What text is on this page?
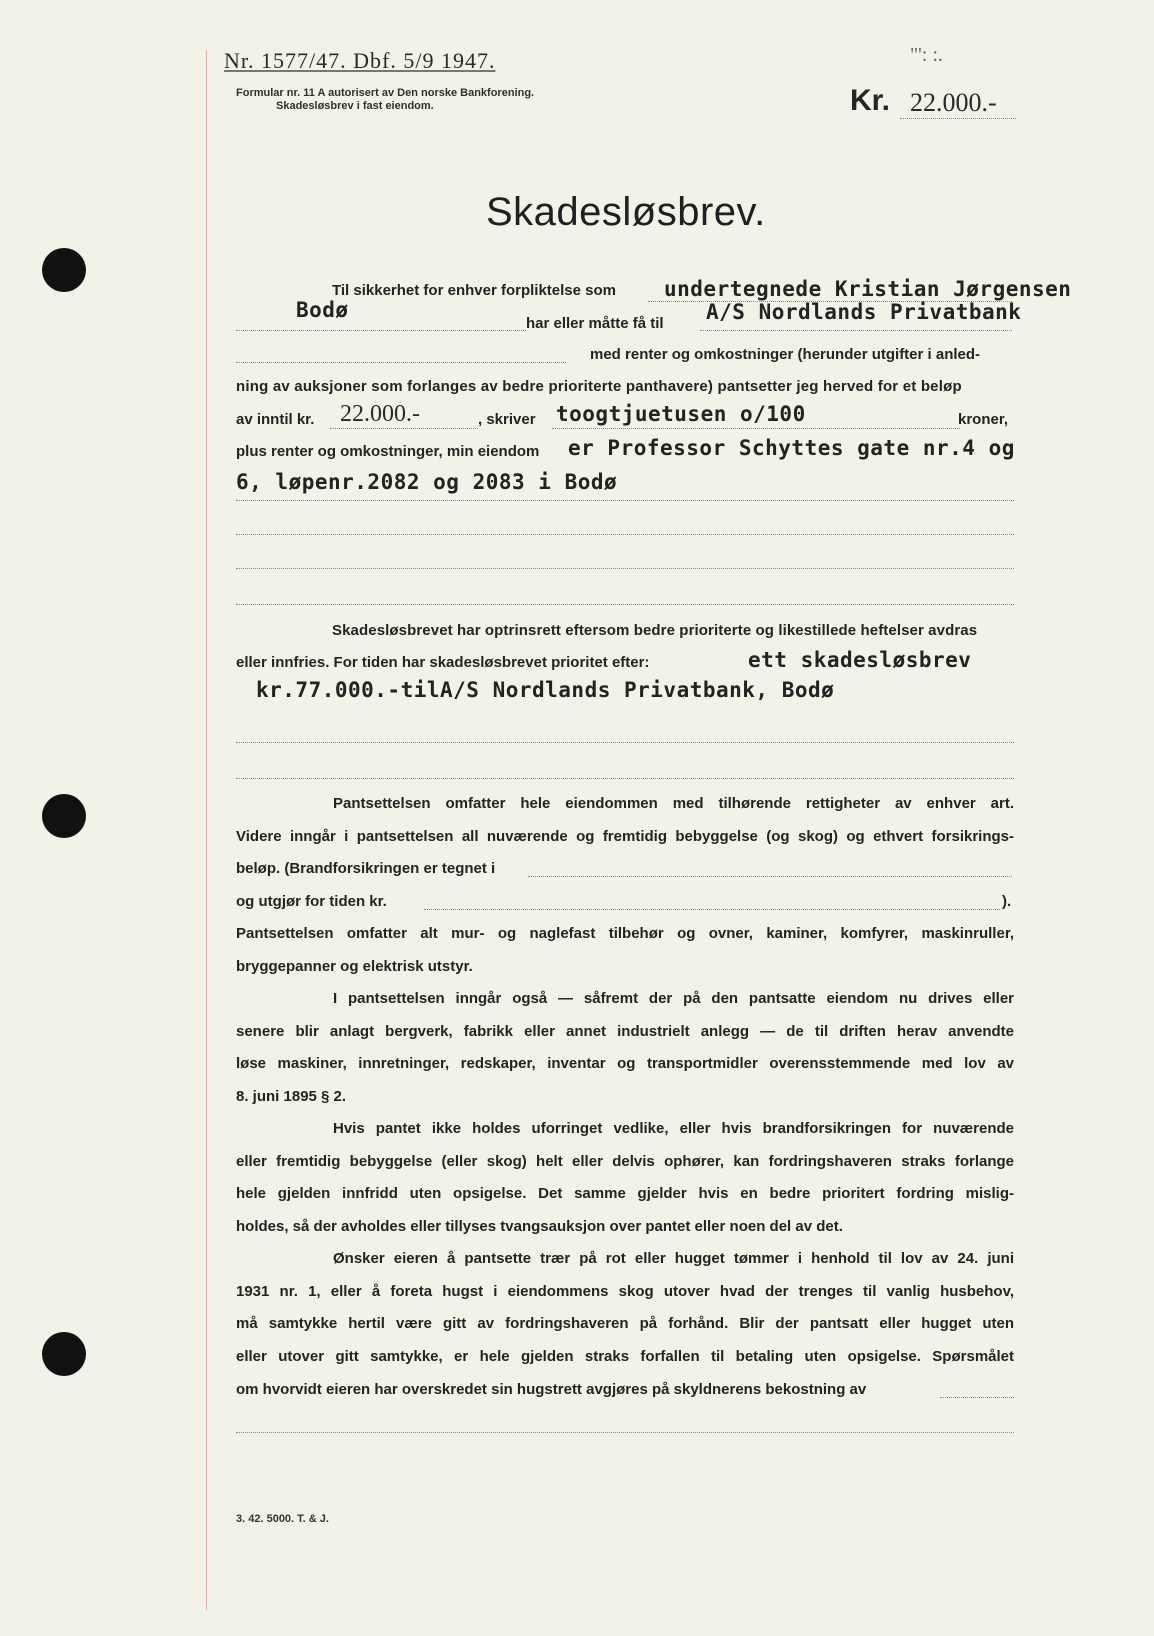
Nr. 1577/47. Dbf. 5/9 1947.	"': :.
Formular nr. 11 A autorisert av Den norske Bankforening.
Skadesløsbrev i fast eiendom.	Kr. 22.000.-
Skadesløsbrev.
Til sikkerhet for enhver forpliktelse som undertegnede Kristian Jørgensen
Bodø
har eller måtte få til A/S Nordlands Privatbank
med renter og omkostninger (herunder utgifter i anled-
ning av auksjoner som forlanges av bedre prioriterte panthavere) pantsetter jeg herved for et beløp
av inntil kr. 22.000.-	, skriver toogtjuetusen o/100	kroner,
plus renter og omkostninger, min eiendom er Professor Schyttes gate nr.4 og
6, løpenr.2082 og 2083 i Bodø
Skadesløsbrevet har optrinsrett eftersom bedre prioriterte og likestillede heftelser avdras
eller innfries. For tiden har skadesløsbrevet prioritet efter:	ett skadesløsbrev
kr.77.000.-tilA/S Nordlands Privatbank, Bodø
Pantsettelsen omfatter hele eiendommen med tilhørende rettigheter av enhver art.
Videre inngår i pantsettelsen all nuværende og fremtidig bebyggelse (og skog) og ethvert forsikrings-
beløp. (Brandforsikringen er tegnet i
og utgjør for tiden kr.	).
Pantsettelsen omfatter alt mur- og naglefast tilbehør og ovner, kaminer, komfyrer, maskinruller,
bryggepanner og elektrisk utstyr.
I pantsettelsen inngår også — såfremt der på den pantsatte eiendom nu drives eller
senere blir anlagt bergverk, fabrikk eller annet industrielt anlegg — de til driften herav anvendte
løse maskiner, innretninger, redskaper, inventar og transportmidler overensstemmende med lov av
8. juni 1895 § 2.
Hvis pantet ikke holdes uforringet vedlike, eller hvis brandforsikringen for nuværende
eller fremtidig bebyggelse (eller skog) helt eller delvis ophører, kan fordringshaveren straks forlange
hele gjelden innfridd uten opsigelse. Det samme gjelder hvis en bedre prioritert fordring mislig-
holdes, så der avholdes eller tillyses tvangsauksjon over pantet eller noen del av det.
Ønsker eieren å pantsette trær på rot eller hugget tømmer i henhold til lov av 24. juni
1931 nr. 1, eller å foreta hugst i eiendommens skog utover hvad der trenges til vanlig husbehov,
må samtykke hertil være gitt av fordringshaveren på forhånd. Blir der pantsatt eller hugget uten
eller utover gitt samtykke, er hele gjelden straks forfallen til betaling uten opsigelse. Spørsmålet
om hvorvidt eieren har overskredet sin hugstrett avgjøres på skyldnerens bekostning av
3. 42. 5000. T. & J.
